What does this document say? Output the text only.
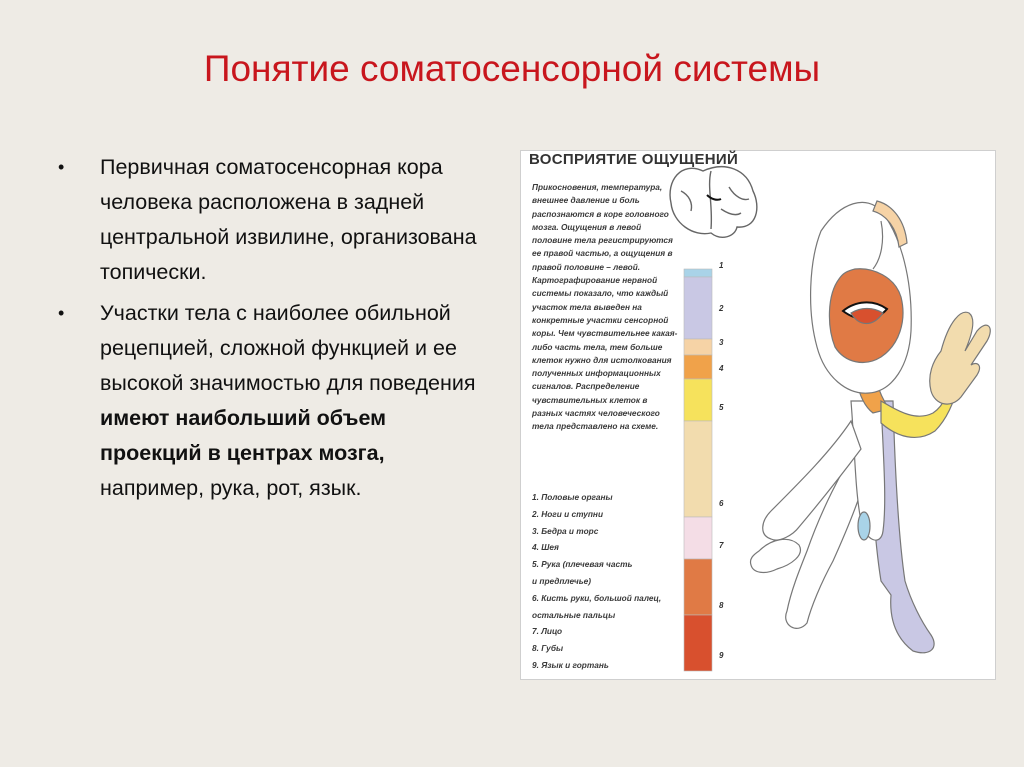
Понятие соматосенсорной системы
• Первичная соматосенсорная кора человека расположена в задней центральной извилине, организована топически.
• Участки тела с наиболее обильной рецепцией, сложной функцией и ее высокой значимостью для поведения имеют наибольший объем проекций в центрах мозга, например, рука, рот, язык.
ВОСПРИЯТИЕ ОЩУЩЕНИЙ
Прикосновения, температура, внешнее давление и боль распознаются в коре головного мозга. Ощущения в левой половине тела регистрируются ее правой частью, а ощущения в правой половине – левой. Картографирование нервной системы показало, что каждый участок тела выведен на конкретные участки сенсорной коры. Чем чувствительнее какая-либо часть тела, тем больше клеток нужно для истолкования полученных информационных сигналов. Распределение чувствительных клеток в разных частях человеческого тела представлено на схеме.
1. Половые органы
2. Ноги и ступни
3. Бедра и торс
4. Шея
5. Рука (плечевая часть
и предплечье)
6. Кисть руки, большой палец,
остальные пальцы
7. Лицо
8. Губы
9. Язык и гортань
1
2
3
4
5
6
7
8
9
